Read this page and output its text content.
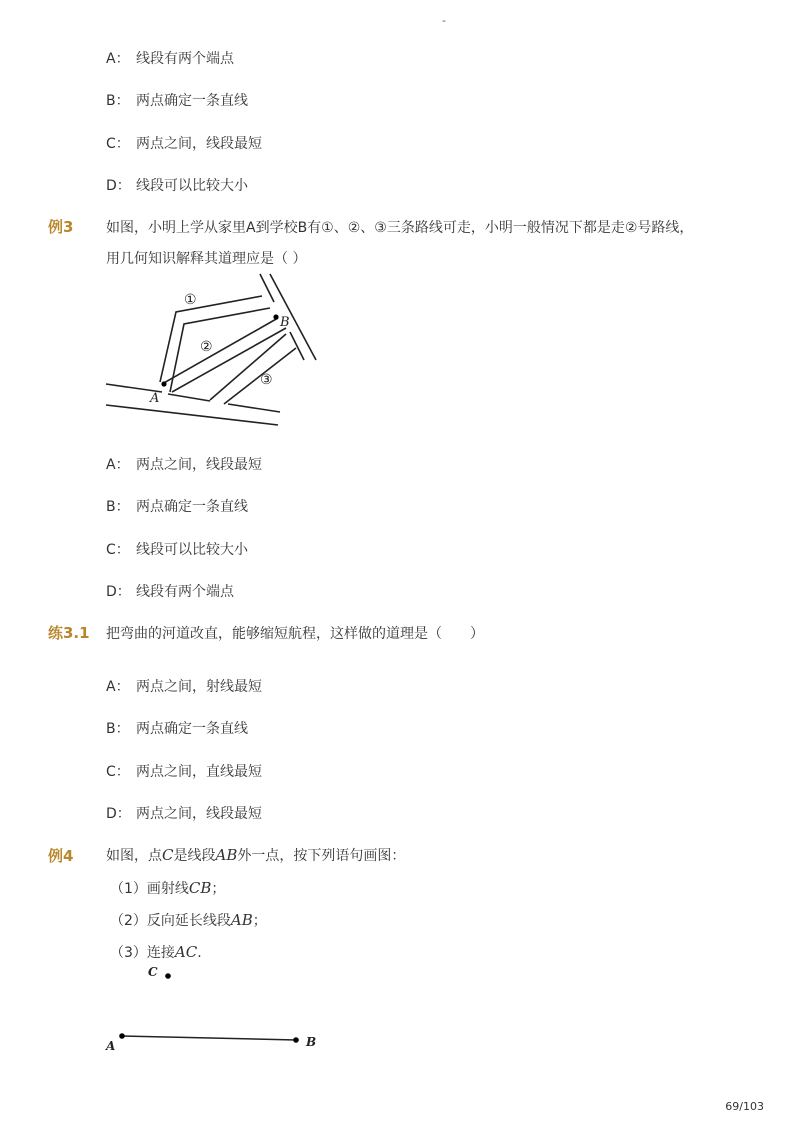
-
A： 线段有两个端点
B： 两点确定一条直线
C： 两点之间，线段最短
D： 线段可以比较大小
例3 如图，小明上学从家里A到学校B有①、②、③三条路线可走，小明一般情况下都是走②号路线，
用几何知识解释其道理应是（ ）
①
②
③
A
B
A： 两点之间，线段最短
B： 两点确定一条直线
C： 线段可以比较大小
D： 线段有两个端点
练3.1 把弯曲的河道改直，能够缩短航程，这样做的道理是（　　）
A： 两点之间，射线最短
B： 两点确定一条直线
C： 两点之间，直线最短
D： 两点之间，线段最短
例4 如图，点C是线段AB外一点，按下列语句画图：
（1）画射线CB；
（2）反向延长线段AB；
（3）连接AC.
C
A	B
69/103
